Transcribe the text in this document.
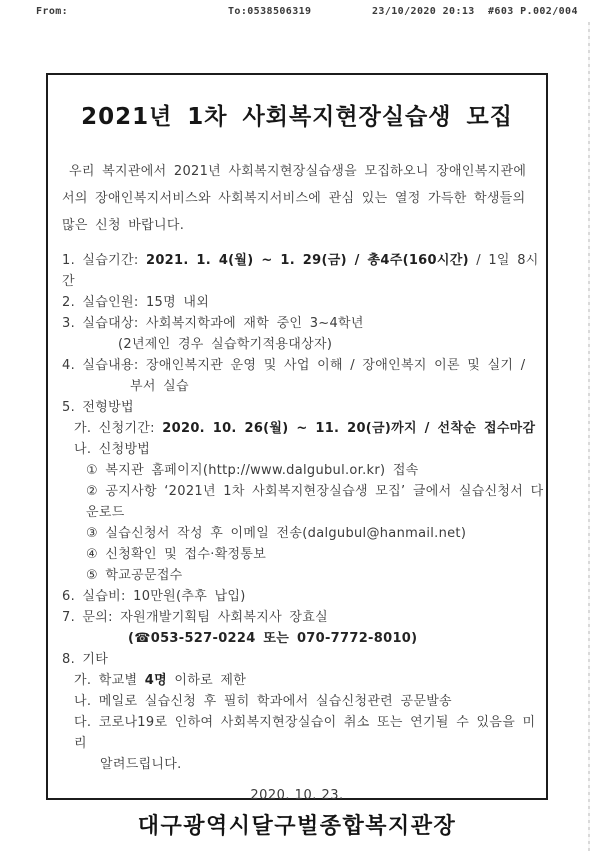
From:	To:0538506319	23/10/2020 20:13 #603 P.002/004
2021년 1차 사회복지현장실습생 모집
우리 복지관에서 2021년 사회복지현장실습생을 모집하오니 장애인복지관에
서의 장애인복지서비스와 사회복지서비스에 관심 있는 열정 가득한 학생들의
많은 신청 바랍니다.
1. 실습기간: 2021. 1. 4(월) ~ 1. 29(금) / 총4주(160시간) / 1일 8시간
2. 실습인원: 15명 내외
3. 실습대상: 사회복지학과에 재학 중인 3~4학년
(2년제인 경우 실습학기적용대상자)
4. 실습내용: 장애인복지관 운영 및 사업 이해 / 장애인복지 이론 및 실기 /
부서 실습
5. 전형방법
가. 신청기간: 2020. 10. 26(월) ~ 11. 20(금)까지 / 선착순 접수마감
나. 신청방법
① 복지관 홈페이지(http://www.dalgubul.or.kr) 접속
② 공지사항 ‘2021년 1차 사회복지현장실습생 모집’ 글에서 실습신청서 다운로드
③ 실습신청서 작성 후 이메일 전송(dalgubul@hanmail.net)
④ 신청확인 및 접수·확정통보
⑤ 학교공문접수
6. 실습비: 10만원(추후 납입)
7. 문의: 자원개발기획팀 사회복지사 장효실
(☎053-527-0224 또는 070-7772-8010)
8. 기타
가. 학교별 4명 이하로 제한
나. 메일로 실습신청 후 필히 학과에서 실습신청관련 공문발송
다. 코로나19로 인하여 사회복지현장실습이 취소 또는 연기될 수 있음을 미리
알려드립니다.
2020. 10. 23.
대구광역시달구벌종합복지관장
